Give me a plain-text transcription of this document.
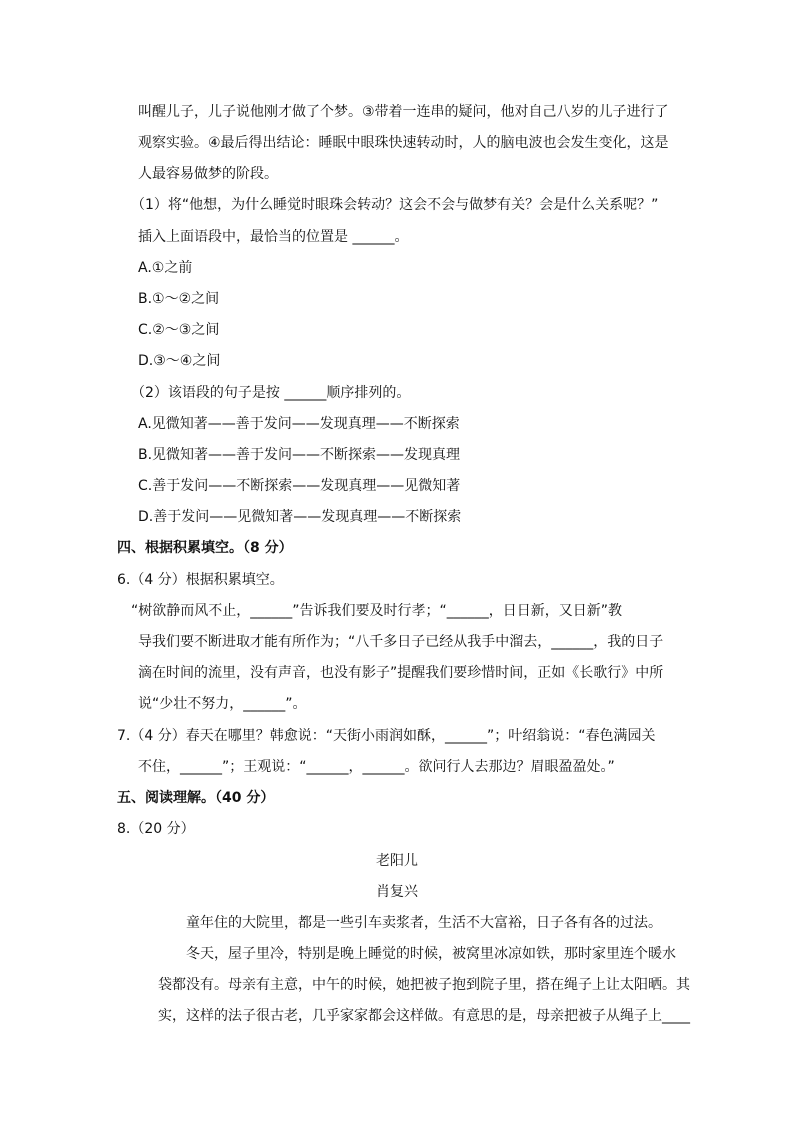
叫醒儿子，儿子说他刚才做了个梦。③带着一连串的疑问，他对自己八岁的儿子进行了
观察实验。④最后得出结论：睡眠中眼珠快速转动时，人的脑电波也会发生变化，这是
人最容易做梦的阶段。
（1）将“他想，为什么睡觉时眼珠会转动？这会不会与做梦有关？会是什么关系呢？”
插入上面语段中，最恰当的位置是 ______。
A.①之前
B.①～②之间
C.②～③之间
D.③～④之间
（2）该语段的句子是按 ______顺序排列的。
A.见微知著——善于发问——发现真理——不断探索
B.见微知著——善于发问——不断探索——发现真理
C.善于发问——不断探索——发现真理——见微知著
D.善于发问——见微知著——发现真理——不断探索
四、根据积累填空。（8 分）
6.（4 分）根据积累填空。
“树欲静而风不止，______”告诉我们要及时行孝；“______，日日新，又日新”教
导我们要不断进取才能有所作为；“八千多日子已经从我手中溜去，______，我的日子
滴在时间的流里，没有声音，也没有影子”提醒我们要珍惜时间，正如《长歌行》中所
说“少壮不努力，______”。
7.（4 分）春天在哪里？韩愈说：“天街小雨润如酥，______”；叶绍翁说：“春色满园关
不住，______”；王观说：“______，______。欲问行人去那边？眉眼盈盈处。”
五、阅读理解。（40 分）
8.（20 分）
老阳儿
肖复兴
童年住的大院里，都是一些引车卖浆者，生活不大富裕，日子各有各的过法。
冬天，屋子里冷，特别是晚上睡觉的时候，被窝里冰凉如铁，那时家里连个暖水
袋都没有。母亲有主意，中午的时候，她把被子抱到院子里，搭在绳子上让太阳晒。其
实，这样的法子很古老，几乎家家都会这样做。有意思的是，母亲把被子从绳子上____
